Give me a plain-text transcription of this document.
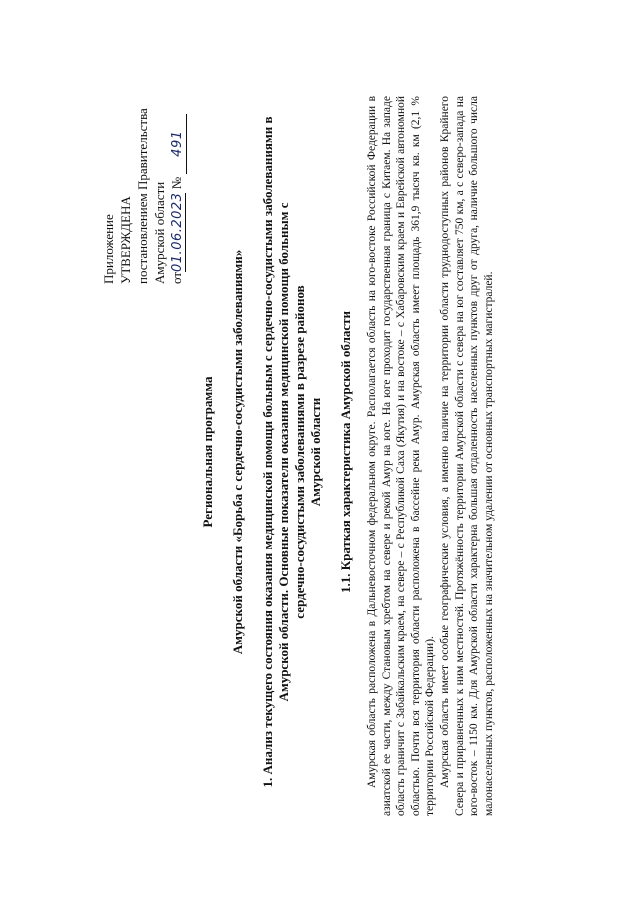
Приложение УТВЕРЖДЕНА постановлением Правительства Амурской области от01.06.2023 № 491
Региональная программа Амурской области «Борьба с сердечно-сосудистыми заболеваниями» 1. Анализ текущего состояния оказания медицинской помощи больным с сердечно-сосудистыми заболеваниями в Амурской области. Основные показатели оказания медицинской помощи больным с сердечно-сосудистыми заболеваниями в разрезе районов Амурской области 1.1. Краткая характеристика Амурской области Амурская область расположена в Дальневосточном федеральном округе. Располагается область на юго-востоке Российской Федерации в азиатской ее части, между Становым хребтом на севере и рекой Амур на юге. На юге проходит государственная граница с Китаем. На западе область граничит с Забайкальским краем, на севере – с Республикой Саха (Якутия) и на востоке – с Хабаровским краем и Еврейской автономной областью. Почти вся территория области расположена в бассейне реки Амур. Амурская область имеет площадь 361,9 тысяч кв. км (2,1 % территории Российской Федерации). Амурская область имеет особые географические условия, а именно наличие на территории области труднодоступных районов Крайнего Севера и приравненных к ним местностей. Протяжённость территории Амурской области с севера на юг составляет 750 км, а с северо-запада на юго-восток – 1150 км. Для Амурской области характерна большая отдаленность населенных пунктов друг от друга, наличие большого числа малонаселенных пунктов, расположенных на значительном удалении от основных транспортных магистралей.
